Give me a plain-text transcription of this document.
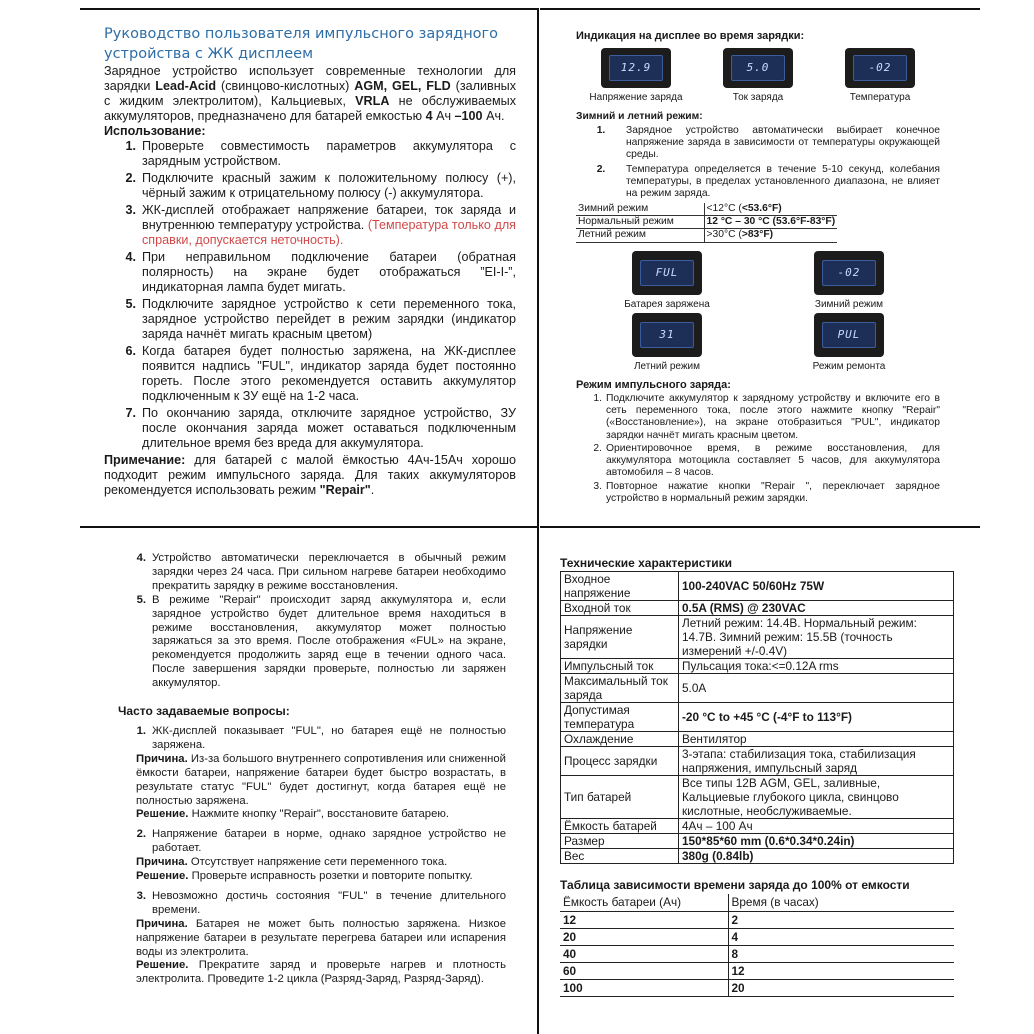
Руководство пользователя импульсного зарядного устройства с ЖК дисплеем
Зарядное устройство использует современные технологии для зарядки Lead-Acid (свинцово-кислотных) AGM, GEL, FLD (заливных с жидким электролитом), Кальциевых, VRLA не обслуживаемых аккумуляторов, предназначено для батарей емкостью 4 Ач –100 Ач.
Использование:
1. Проверьте совместимость параметров аккумулятора с зарядным устройством.
2. Подключите красный зажим к положительному полюсу (+), чёрный зажим к отрицательному полюсу (-) аккумулятора.
3. ЖК-дисплей отображает напряжение батареи, ток заряда и внутреннюю температуру устройства. (Температура только для справки, допускается неточность).
4. При неправильном подключение батареи (обратная полярность) на экране будет отображаться ”EI-I-”, индикаторная лампа будет мигать.
5. Подключите зарядное устройство к сети переменного тока, зарядное устройство перейдет в режим зарядки (индикатор заряда начнёт мигать красным цветом)
6. Когда батарея будет полностью заряжена, на ЖК-дисплее появится надпись "FUL", индикатор заряда будет постоянно гореть. После этого рекомендуется оставить аккумулятор подключенным к ЗУ ещё на 1-2 часа.
7. По окончанию заряда, отключите зарядное устройство, ЗУ после окончания заряда может оставаться подключенным длительное время без вреда для аккумулятора.
Примечание: для батарей с малой ёмкостью 4Ач-15Ач хорошо подходит режим импульсного заряда. Для таких аккумуляторов рекомендуется использовать режим "Repair".
Индикация на дисплее во время зарядки:
12.9
Напряжение заряда
5.0
Ток заряда
-02
Температура
Зимний и летний режим:
1.	Зарядное устройство автоматически выбирает конечное напряжение заряда в зависимости от температуры окружающей среды.
2.	Температура определяется в течение 5-10 секунд, колебания температуры, в пределах установленного диапазона, не влияет на режим заряда.
Зимний режим	<12°C (<53.6°F)
Нормальный режим	12 °C – 30 °C (53.6°F-83°F)
Летний режим	>30°C (>83°F)
FUL
Батарея заряжена
-02
Зимний режим
31
Летний режим
PUL
Режим ремонта
Режим импульсного заряда:
1. Подключите аккумулятор к зарядному устройству и включите его в сеть переменного тока, после этого нажмите кнопку "Repair" («Восстановление»), на экране отобразиться "PUL", индикатор зарядки начнёт мигать красным цветом.
2. Ориентировочное время, в режиме восстановления, для аккумулятора мотоцикла составляет 5 часов, для аккумулятора автомобиля – 8 часов.
3. Повторное нажатие кнопки "Repair ", переключает зарядное устройство в нормальный режим зарядки.
4. Устройство автоматически переключается в обычный режим зарядки через 24 часа. При сильном нагреве батареи необходимо прекратить зарядку в режиме восстановления.
5. В режиме "Repair" происходит заряд аккумулятора и, если зарядное устройство будет длительное время находиться в режиме восстановления, аккумулятор может полностью заряжаться за это время. После отображения «FUL» на экране, рекомендуется продолжить заряд еще в течении одного часа. После завершения зарядки проверьте, полностью ли заряжен аккумулятор.
Часто задаваемые вопросы:
1. ЖК-дисплей показывает "FUL", но батарея ещё не полностью заряжена.
Причина. Из-за большого внутреннего сопротивления или сниженной ёмкости батареи, напряжение батареи будет быстро возрастать, в результате статус "FUL" будет достигнут, когда батарея ещё не полностью заряжена.
Решение. Нажмите кнопку "Repair", восстановите батарею.
2. Напряжение батареи в норме, однако зарядное устройство не работает.
Причина. Отсутствует напряжение сети переменного тока.
Решение. Проверьте исправность розетки и повторите попытку.
3. Невозможно достичь состояния "FUL" в течение длительного времени.
Причина. Батарея не может быть полностью заряжена. Низкое напряжение батареи в результате перегрева батареи или испарения воды из электролита.
Решение. Прекратите заряд и проверьте нагрев и плотность электролита. Проведите 1-2 цикла (Разряд-Заряд, Разряд-Заряд).
Технические характеристики
Входное напряжение	100-240VAC 50/60Hz 75W
Входной ток	0.5A (RMS) @ 230VAC
Напряжение зарядки	Летний режим: 14.4В. Нормальный режим: 14.7В. Зимний режим: 15.5В (точность измерений +/-0.4V)
Импульсный ток	Пульсация тока:<=0.12A rms
Максимальный ток заряда	5.0A
Допустимая температура	-20 °C to +45 °C (-4°F to 113°F)
Охлаждение	Вентилятор
Процесс зарядки	3-этапа: стабилизация тока, стабилизация напряжения, импульсный заряд
Тип батарей	Все типы 12В AGM, GEL, заливные, Кальциевые глубокого цикла, свинцово кислотные, необслуживаемые.
Ёмкость батарей	4Ач – 100 Ач
Размер	150*85*60 mm (0.6*0.34*0.24in)
Вес	380g (0.84lb)
Таблица зависимости времени заряда до 100% от емкости
Ёмкость батареи (Ач)	Время (в часах)
12	2
20	4
40	8
60	12
100	20
